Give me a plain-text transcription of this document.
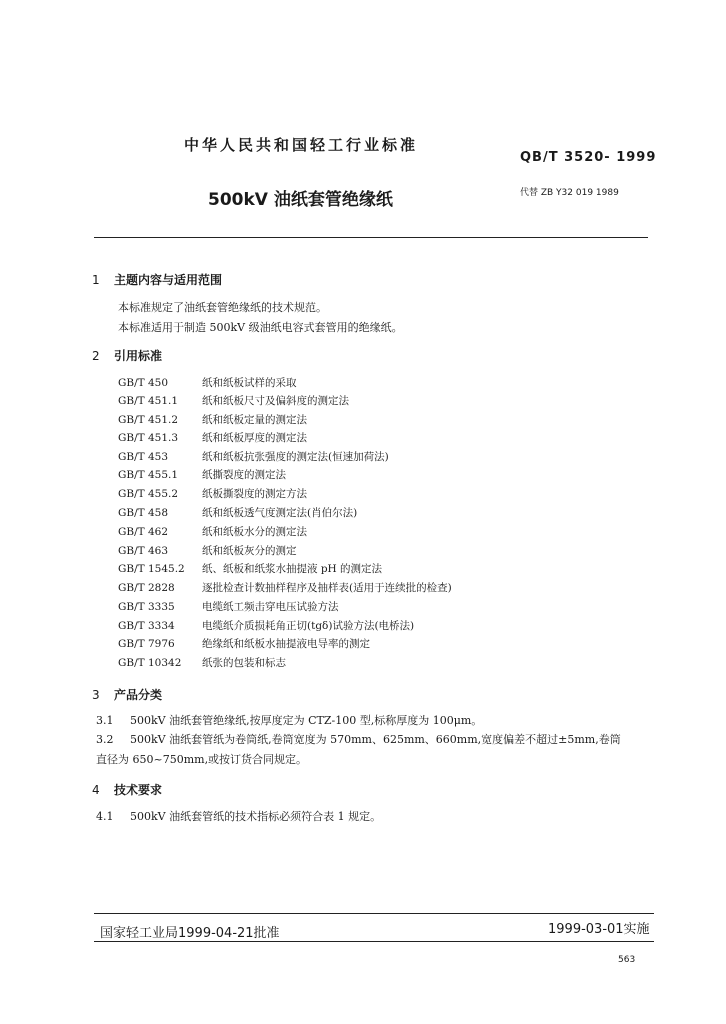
中华人民共和国轻工行业标准
QB/T 3520- 1999
500kV 油纸套管绝缘纸	代替 ZB Y32 019 1989
1 主题内容与适用范围
本标准规定了油纸套管绝缘纸的技术规范。
本标准适用于制造 500kV 级油纸电容式套管用的绝缘纸。
2 引用标准
GB/T 450	纸和纸板试样的采取
GB/T 451.1 纸和纸板尺寸及偏斜度的测定法
GB/T 451.2 纸和纸板定量的测定法
GB/T 451.3 纸和纸板厚度的测定法
GB/T 453	纸和纸板抗张强度的测定法(恒速加荷法)
GB/T 455.1 纸撕裂度的测定法
GB/T 455.2 纸板撕裂度的测定方法
GB/T 458	纸和纸板透气度测定法(肖伯尔法)
GB/T 462	纸和纸板水分的测定法
GB/T 463	纸和纸板灰分的测定
GB/T 1545.2 纸、纸板和纸浆水抽提液 pH 的测定法
GB/T 2828	逐批检查计数抽样程序及抽样表(适用于连续批的检查)
GB/T 3335	电缆纸工频击穿电压试验方法
GB/T 3334	电缆纸介质损耗角正切(tgδ)试验方法(电桥法)
GB/T 7976	绝缘纸和纸板水抽提液电导率的测定
GB/T 10342 纸张的包装和标志
3 产品分类
3.1 500kV 油纸套管绝缘纸,按厚度定为 CTZ-100 型,标称厚度为 100μm。
3.2 500kV 油纸套管纸为卷筒纸,卷筒宽度为 570mm、625mm、660mm,宽度偏差不超过±5mm,卷筒
直径为 650~750mm,或按订货合同规定。
4 技术要求
4.1 500kV 油纸套管纸的技术指标必须符合表 1 规定。
国家轻工业局1999-04-21批准	1999-03-01实施
563
